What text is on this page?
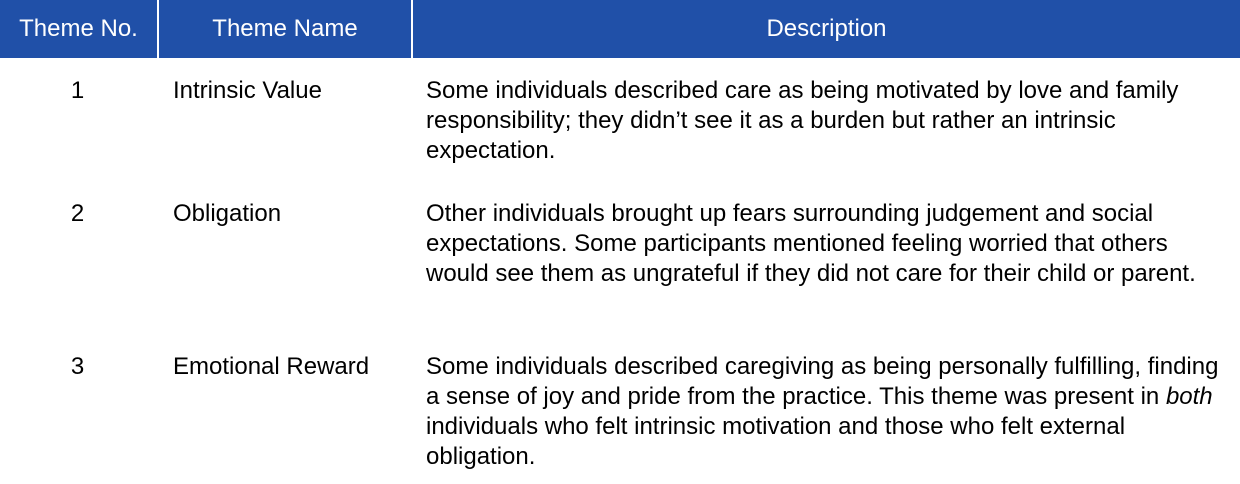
Theme No.	Theme Name	Description
1	Intrinsic Value	Some individuals described care as being motivated by love and family responsibility; they didn’t see it as a burden but rather an intrinsic expectation.
2	Obligation	Other individuals brought up fears surrounding judgement and social expectations. Some participants mentioned feeling worried that others would see them as ungrateful if they did not care for their child or parent.
3	Emotional Reward	Some individuals described caregiving as being personally fulfilling, finding a sense of joy and pride from the practice. This theme was present in both individuals who felt intrinsic motivation and those who felt external obligation.
